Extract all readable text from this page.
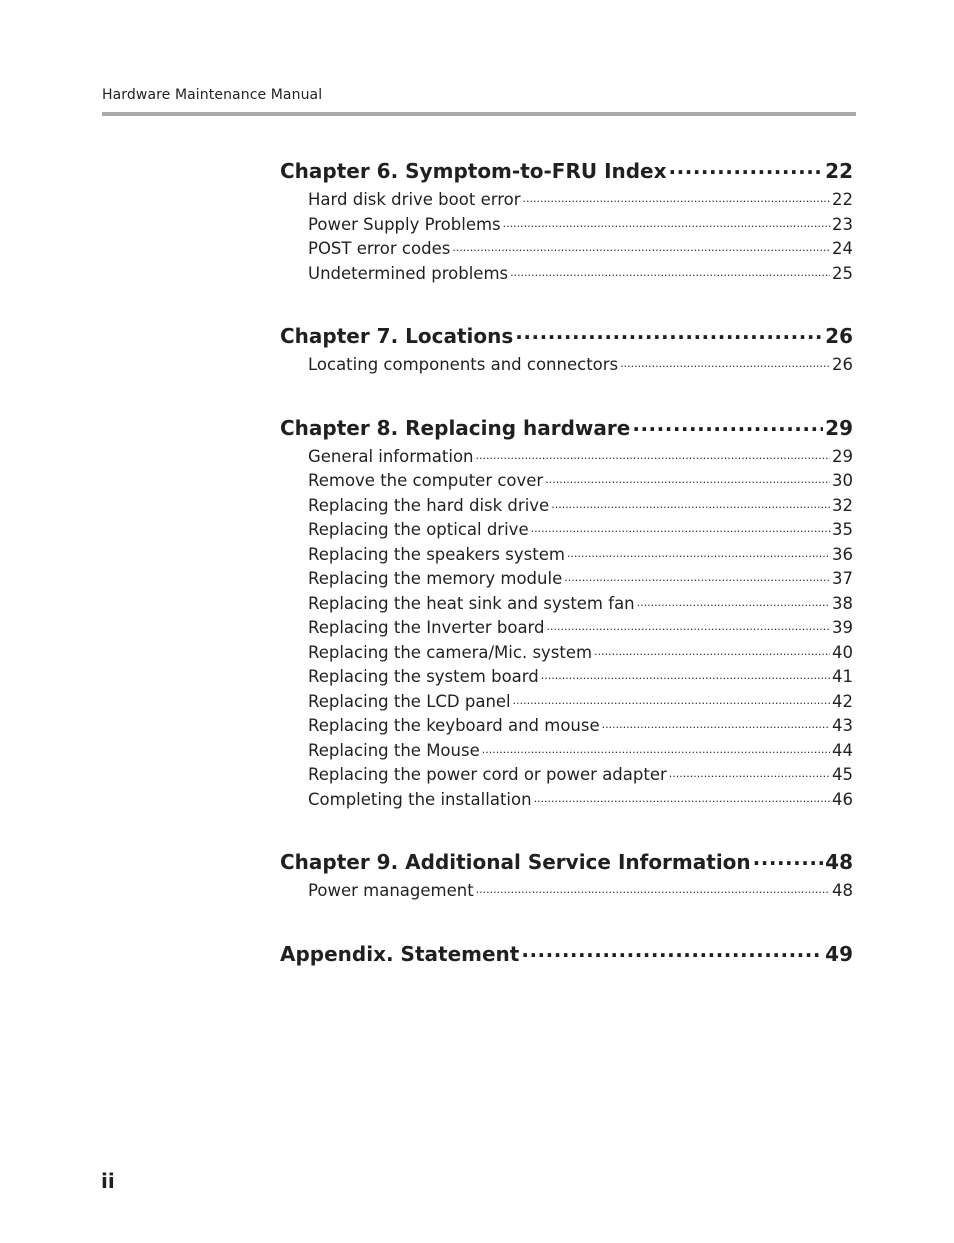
Hardware Maintenance Manual
Chapter 6. Symptom-to-FRU Index .....	22
Hard disk drive boot error .....	22
Power Supply Problems .....	23
POST error codes .....	24
Undetermined problems .....	25
Chapter 7. Locations .....	26
Locating components and connectors .....	26
Chapter 8. Replacing hardware .....	29
General information .....	29
Remove the computer cover .....	30
Replacing the hard disk drive .....	32
Replacing the optical drive .....	35
Replacing the speakers system .....	36
Replacing the memory module .....	37
Replacing the heat sink and system fan .....	38
Replacing the Inverter board .....	39
Replacing the camera/Mic. system .....	40
Replacing the system board .....	41
Replacing the LCD panel .....	42
Replacing the keyboard and mouse .....	43
Replacing the Mouse .....	44
Replacing the power cord or power adapter .....	45
Completing the installation .....	46
Chapter 9. Additional Service Information .....	48
Power management .....	48
Appendix. Statement .....	49
ii
